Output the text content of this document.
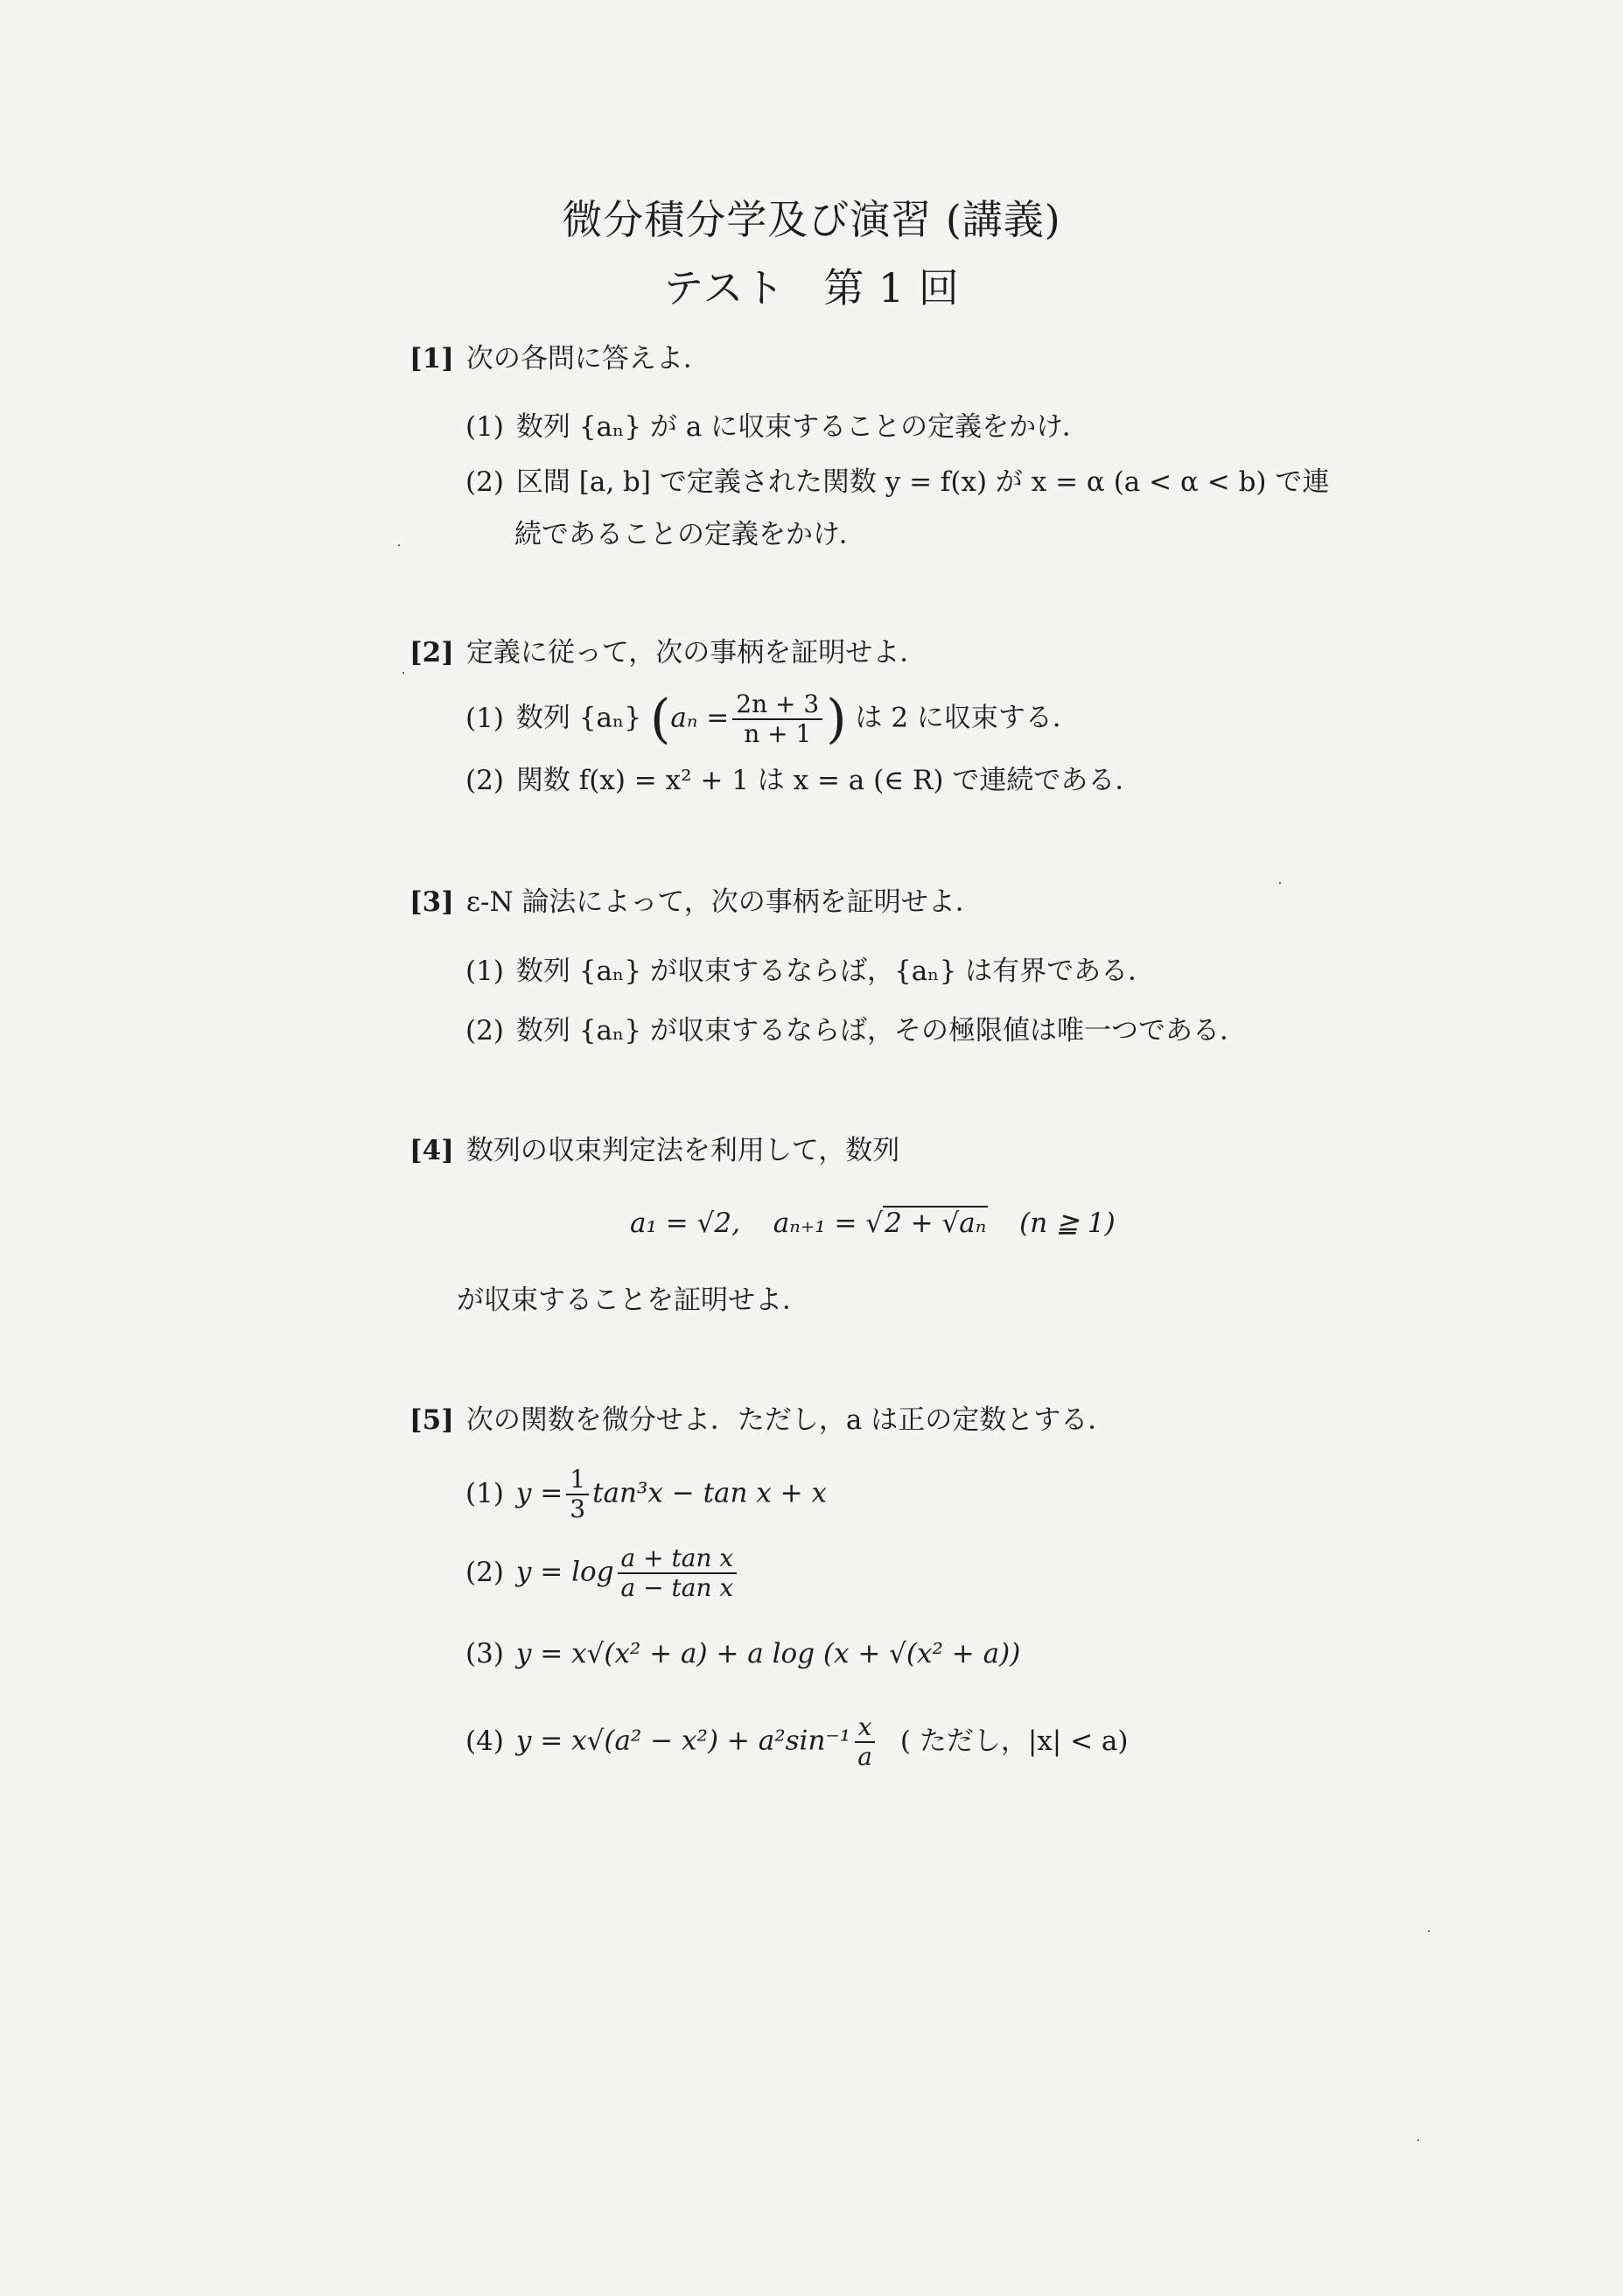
微分積分学及び演習 (講義)
テスト 第 1 回
[1] 次の各問に答えよ．
(1) 数列 {aₙ} が a に収束することの定義をかけ．
(2) 区間 [a, b] で定義された関数 y = f(x) が x = α (a < α < b) で連
続であることの定義をかけ．
[2] 定義に従って，次の事柄を証明せよ．
(1) 数列 {aₙ} ($a_n = \frac{2n + 3}{n + 1}$ ) は 2 に収束する．
(2) 関数 f(x) = x² + 1 は x = a (∈ R) で連続である．
[3] ε-N 論法によって，次の事柄を証明せよ．
(1) 数列 {aₙ} が収束するならば，{aₙ} は有界である．
(2) 数列 {aₙ} が収束するならば，その極限値は唯一つである．
[4] 数列の収束判定法を利用して，数列
a₁ = √2, aₙ₊₁ = √2 + √aₙ (n ≧ 1)
が収束することを証明せよ．
[5] 次の関数を微分せよ．ただし，a は正の定数とする．
(1) $y = \frac{1}{3} \tan^3x - \tan x + x$
(2) $y = \log \frac{\text{a + tan x}}{\text{a − tan x}}$
(3) y = x√(x² + a) + a log (x + √(x² + a))
(4) $y = x√(a^2 - x^2) + a^2\sin^{-1} \frac{x}{a}$ ( ただし，|x| < a)
